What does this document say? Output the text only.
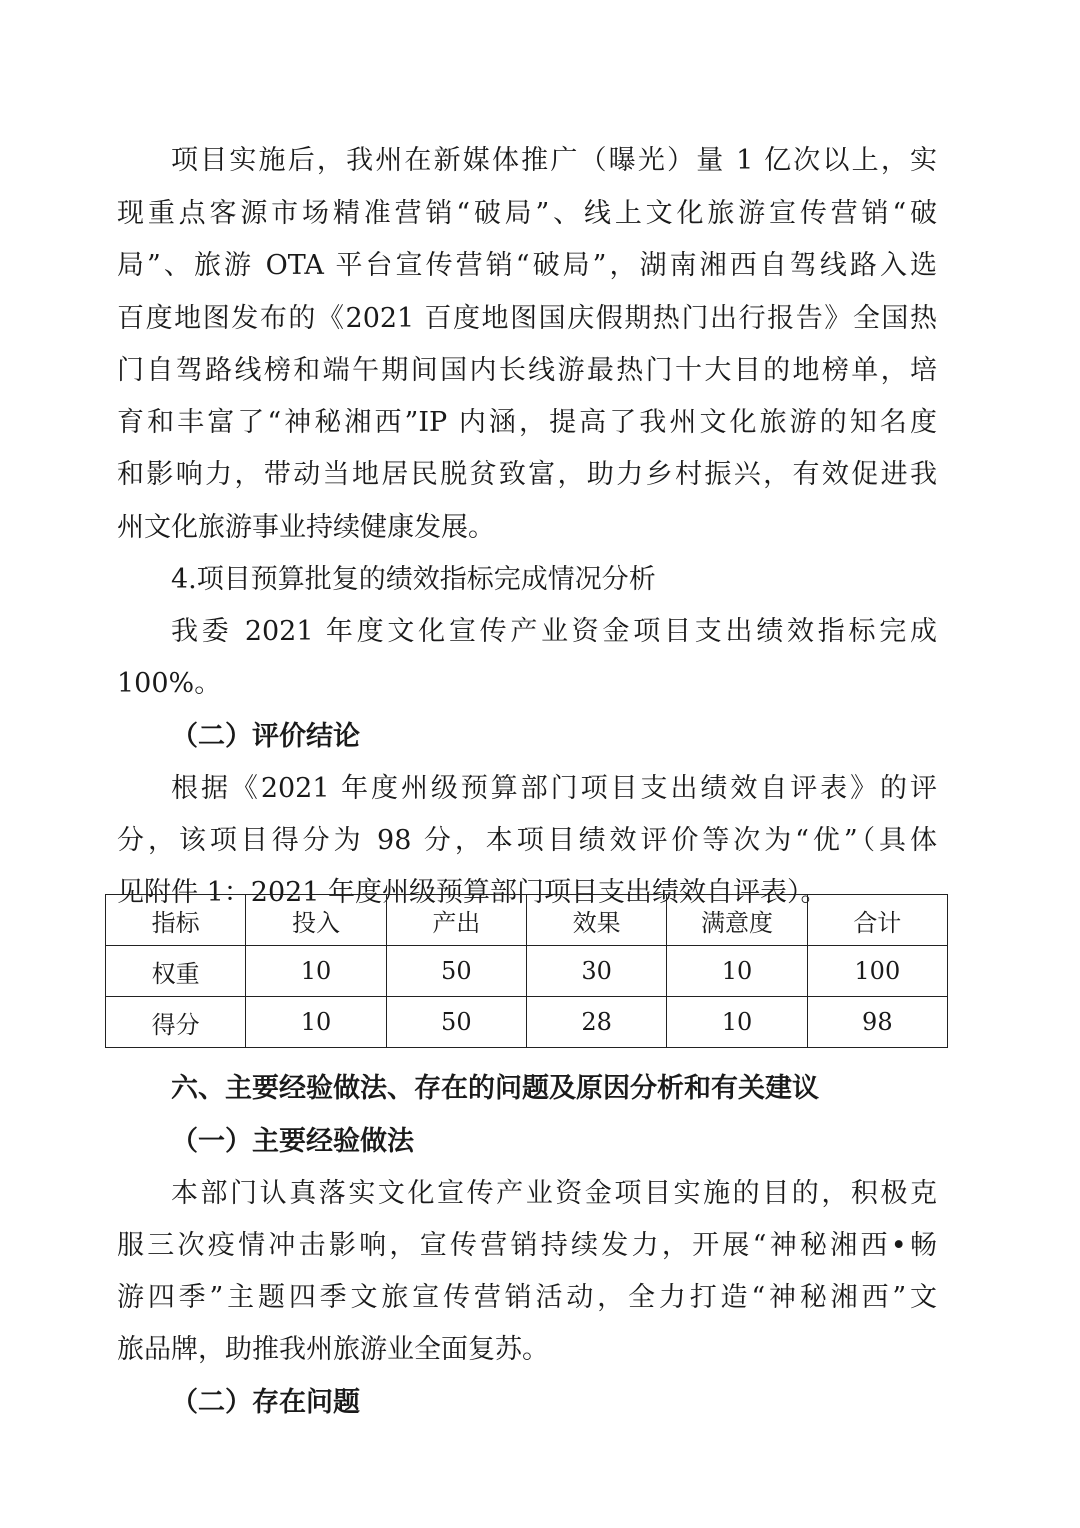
项目实施后，我州在新媒体推广（曝光）量 1 亿次以上，实
现重点客源市场精准营销“破局”、线上文化旅游宣传营销“破
局”、旅游 OTA 平台宣传营销“破局”，湖南湘西自驾线路入选
百度地图发布的《2021 百度地图国庆假期热门出行报告》全国热
门自驾路线榜和端午期间国内长线游最热门十大目的地榜单，培
育和丰富了“神秘湘西”IP 内涵，提高了我州文化旅游的知名度
和影响力，带动当地居民脱贫致富，助力乡村振兴，有效促进我
州文化旅游事业持续健康发展。
4.项目预算批复的绩效指标完成情况分析
我委 2021 年度文化宣传产业资金项目支出绩效指标完成
100%。
（二）评价结论
根据《2021 年度州级预算部门项目支出绩效自评表》的评
分，该项目得分为 98 分，本项目绩效评价等次为“优”（具体
见附件 1：2021 年度州级预算部门项目支出绩效自评表）。
指标	投入	产出	效果	满意度	合计
权重	10	50	30	10	100
得分	10	50	28	10	98
六、主要经验做法、存在的问题及原因分析和有关建议
（一）主要经验做法
本部门认真落实文化宣传产业资金项目实施的目的，积极克
服三次疫情冲击影响，宣传营销持续发力，开展“神秘湘西•畅
游四季”主题四季文旅宣传营销活动，全力打造“神秘湘西”文
旅品牌，助推我州旅游业全面复苏。
（二）存在问题
